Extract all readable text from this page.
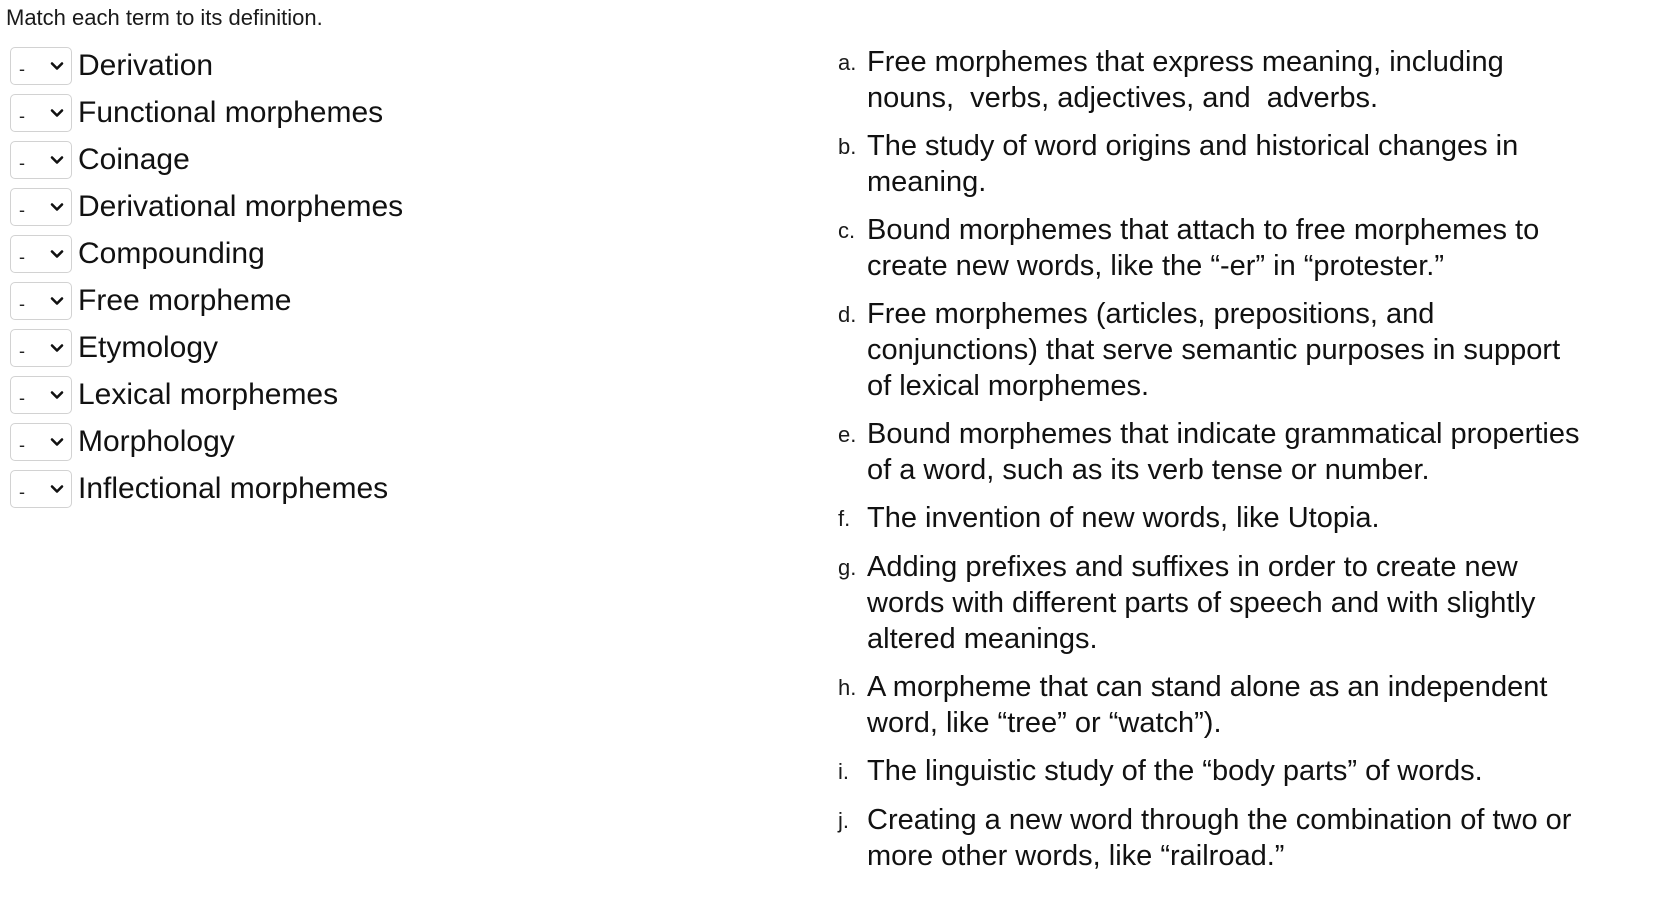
Match each term to its definition.
- Derivation
- Functional morphemes
- Coinage
- Derivational morphemes
- Compounding
- Free morpheme
- Etymology
- Lexical morphemes
- Morphology
- Inflectional morphemes
a. Free morphemes that express meaning, including
nouns,  verbs, adjectives, and  adverbs.
b. The study of word origins and historical changes in
meaning.
c. Bound morphemes that attach to free morphemes to
create new words, like the “-er” in “protester.”
d. Free morphemes (articles, prepositions, and
conjunctions) that serve semantic purposes in support
of lexical morphemes.
e. Bound morphemes that indicate grammatical properties
of a word, such as its verb tense or number.
f. The invention of new words, like Utopia.
g. Adding prefixes and suffixes in order to create new
words with different parts of speech and with slightly
altered meanings.
h. A morpheme that can stand alone as an independent
word, like “tree” or “watch”).
i. The linguistic study of the “body parts” of words.
j. Creating a new word through the combination of two or
more other words, like “railroad.”
